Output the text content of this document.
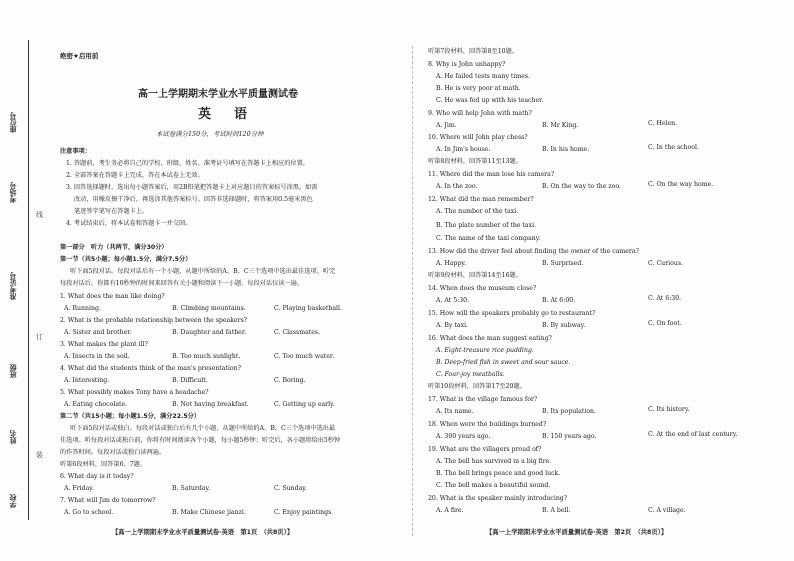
座位号
考场号
线
准考证号
订
班级
姓名
装
学校
绝密★启用前
高一上学期期末学业水平质量测试卷
英　语
本试卷满分150分，考试时间120分钟
注意事项：
1. 答题前，考生务必将自己的学校、班级、姓名、准考证号填写在答题卡上相应的位置。
2. 全部答案在答题卡上完成，答在本试卷上无效。
3. 回答选择题时，选出每小题答案后，用2B铅笔把答题卡上对应题目的答案标号涂黑。如需
改动，用橡皮擦干净后，再选涂其他答案标号。回答非选择题时，将答案用0.5毫米黑色
笔迹签字笔写在答题卡上。
4. 考试结束后，将本试卷和答题卡一并交回。
第一部分　听力（共两节，满分30分）
第一节（共5小题；每小题1.5分，满分7.5分）
听下面5段对话。每段对话后有一个小题，从题中所给的A、B、C三个选项中选出最佳选项。听完
每段对话后，你都有10秒钟的时间来回答有关小题和阅读下一小题。每段对话仅读一遍。
1. What does the man like doing?
A. Running.	B. Climbing mountains.	C. Playing basketball.
2. What is the probable relationship between the speakers?
A. Sister and brother.	B. Daughter and father.	C. Classmates.
3. What makes the plant ill?
A. Insects in the soil.	B. Too much sunlight.	C. Too much water.
4. What did the students think of the man's presentation?
A. Interesting.	B. Difficult.	C. Boring.
5. What possibly makes Tony have a headache?
A. Eating chocolate.	B. Not having breakfast.	C. Getting up early.
第二节（共15小题；每小题1.5分，满分22.5分）
听下面5段对话或独白。每段对话或独白后有几个小题，从题中所给的A、B、C三个选项中选出最
佳选项。听每段对话或独白前，你将有时间阅读各个小题，每小题5秒钟；听完后，各小题将给出5秒钟
的作答时间。每段对话或独白读两遍。
听第6段材料，回答第6、7题。
6. What day is it today?
A. Friday.	B. Saturday.	C. Sunday.
7. What will Jim do tomorrow?
A. Go to school.	B. Make Chinese jianzi.	C. Enjoy paintings.
【高一上学期期末学业水平质量测试卷·英语　第1页　（共8页）】
听第7段材料，回答第8至10题。
8. Why is John unhappy?
A. He failed tests many times.
B. He is very poor at math.
C. He was fed up with his teacher.
9. Who will help John with math?
A. Jim.	B. Mr King.	C. Helen.
10. Where will John play chess?
A. In Jim's house.	B. In his home.	C. In the school.
听第8段材料，回答第11至13题。
11. Where did the man lose his camera?
A. In the zoo.	B. On the way to the zoo.	C. On the way home.
12. What did the man remember?
A. The number of the taxi.
B. The plate number of the taxi.
C. The name of the taxi company.
13. How did the driver feel about finding the owner of the camera?
A. Happy.	B. Surprised.	C. Curious.
听第9段材料，回答第14至16题。
14. When does the museum close?
A. At 5:30.	B. At 6:00.	C. At 6:30.
15. How will the speakers probably go to restaurant?
A. By taxi.	B. By subway.	C. On foot.
16. What does the man suggest eating?
A. Eight-treasure rice pudding.
B. Deep-fried fish in sweet and sour sauce.
C. Four-joy meatballs.
听第10段材料，回答第17至20题。
17. What is the village famous for?
A. Its name.	B. Its population.	C. Its history.
18. When were the buildings burned?
A. 300 years ago.	B. 150 years ago.	C. At the end of last century.
19. What are the villagers proud of?
A. The bell has survived in a big fire.
B. The bell brings peace and good luck.
C. The bell makes a beautiful sound.
20. What is the speaker mainly introducing?
A. A fire.	B. A bell.	C. A village.
【高一上学期期末学业水平质量测试卷·英语　第2页　（共8页）】
